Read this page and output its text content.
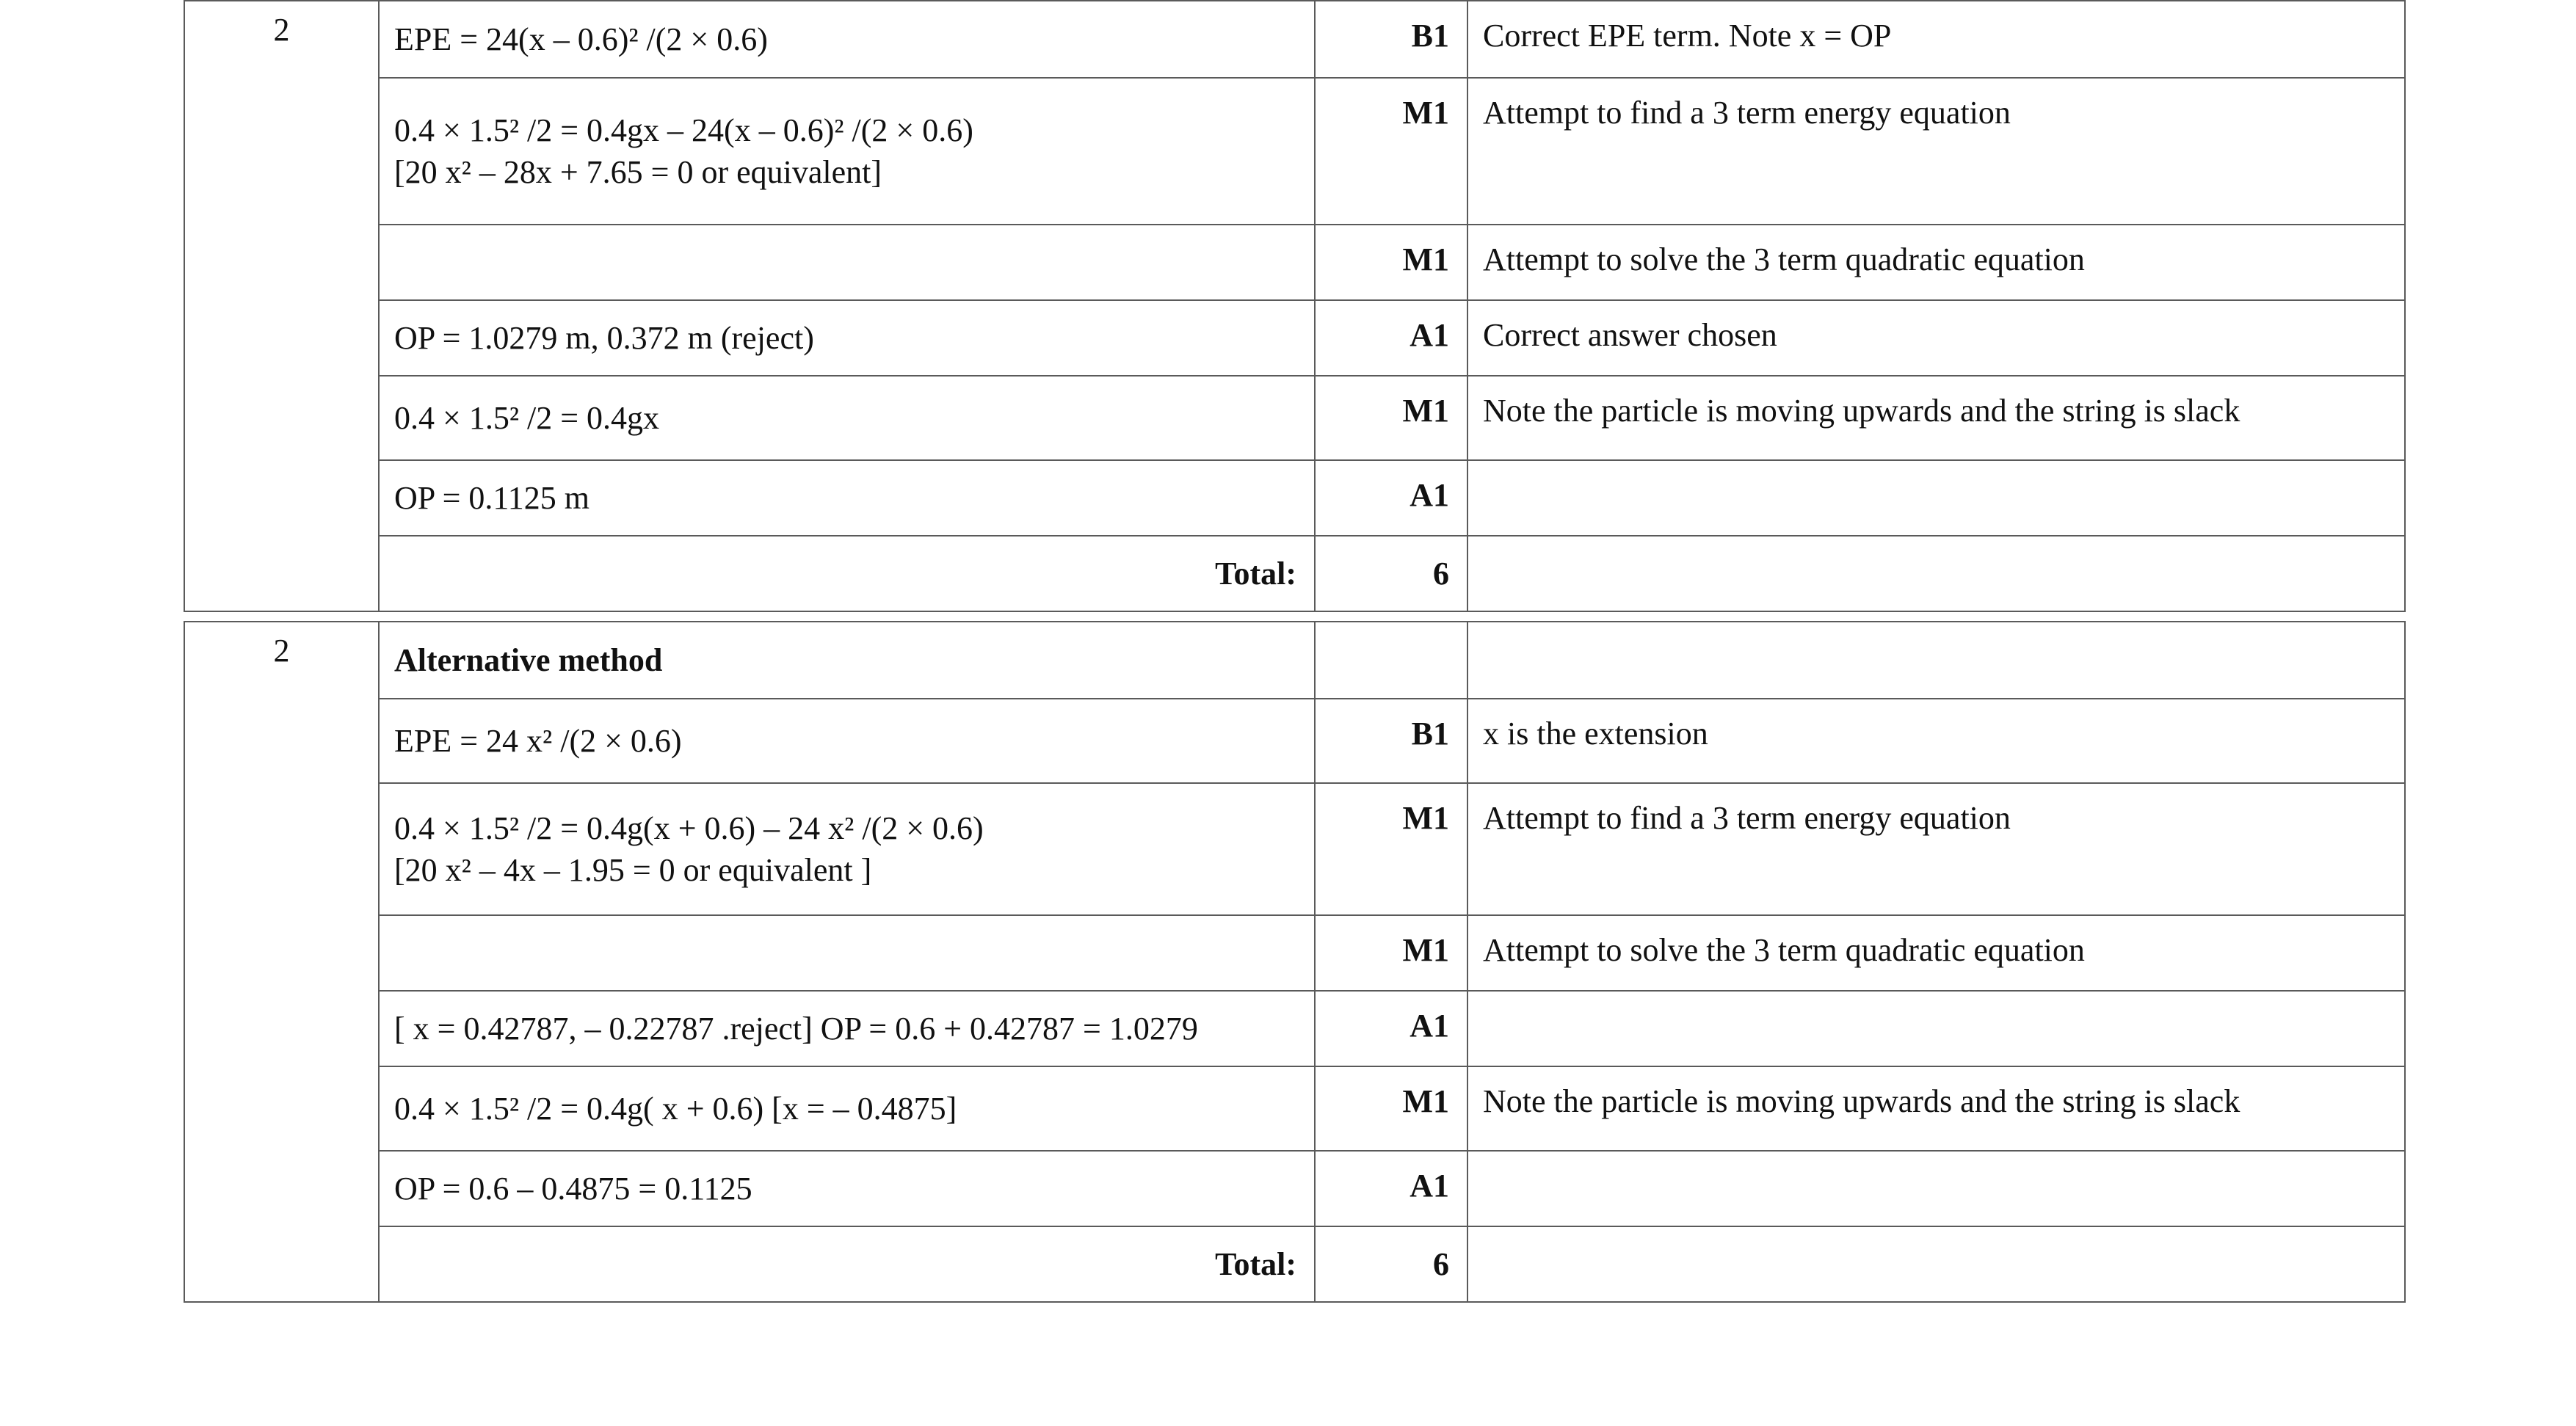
2	EPE = 24(x – 0.6)² /(2 × 0.6)	B1	Correct EPE term. Note x = OP

	0.4 × 1.5² /2 = 0.4gx – 24(x – 0.6)² /(2 × 0.6)
[20 x² – 28x + 7.65 = 0 or equivalent]	M1	Attempt to find a 3 term energy equation
		M1	Attempt to solve the 3 term quadratic equation
	OP = 1.0279 m, 0.372 m (reject)	A1	Correct answer chosen
	0.4 × 1.5² /2 = 0.4gx	M1	Note the particle is moving upwards and the string is slack
	OP = 0.1125 m	A1	
	Total:	6	

2	Alternative method		
	EPE = 24 x² /(2 × 0.6)	B1	x is the extension

	0.4 × 1.5² /2 = 0.4g(x + 0.6) – 24 x² /(2 × 0.6)
[20 x² – 4x – 1.95 = 0 or equivalent ]	M1	Attempt to find a 3 term energy equation
		M1	Attempt to solve the 3 term quadratic equation
	[ x = 0.42787, – 0.22787 .reject] OP = 0.6 + 0.42787 = 1.0279	A1	
	0.4 × 1.5² /2 = 0.4g( x + 0.6) [x = – 0.4875]	M1	Note the particle is moving upwards and the string is slack
	OP = 0.6 – 0.4875 = 0.1125	A1	
	Total:	6	
